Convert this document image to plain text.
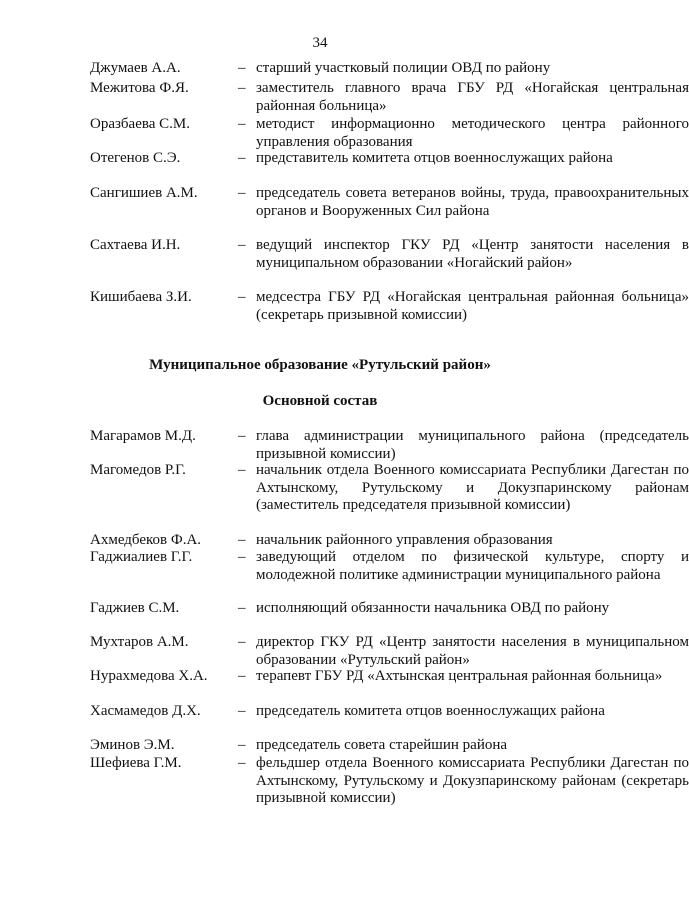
34
Джумаев А.А.	– старший участковый полиции ОВД по району
Межитова Ф.Я.	– заместитель главного врача ГБУ РД «Ногайская центральная районная больница»
Оразбаева С.М.	– методист информационно методического центра районного управления образования
Отегенов С.Э.	– представитель комитета отцов военнослужащих района
Сангишиев А.М.	– председатель совета ветеранов войны, труда, правоохранительных органов и Вооруженных Сил района
Сахтаева И.Н.	– ведущий инспектор ГКУ РД «Центр занятости населения в муниципальном образовании «Ногайский район»
Кишибаева З.И.	– медсестра ГБУ РД «Ногайская центральная районная больница» (секретарь призывной комиссии)
Муниципальное образование «Рутульский район»
Основной состав
Магарамов М.Д.	– глава администрации муниципального района (председатель призывной комиссии)
Магомедов Р.Г.	– начальник отдела Военного комиссариата Республики Дагестан по Ахтынскому, Рутульскому и Докузпаринскому районам (заместитель председателя призывной комиссии)
Ахмедбеков Ф.А. – начальник районного управления образования
Гаджиалиев Г.Г.	– заведующий отделом по физической культуре, спорту и молодежной политике администрации муниципального района
Гаджиев С.М.	– исполняющий обязанности начальника ОВД по району
Мухтаров А.М.	– директор ГКУ РД «Центр занятости населения в муниципальном образовании «Рутульский район»
Нурахмедова Х.А. – терапевт ГБУ РД «Ахтынская центральная районная больница»
Хасмамедов Д.Х. – председатель комитета отцов военнослужащих района
Эминов Э.М.	– председатель совета старейшин района
Шефиева Г.М.	– фельдшер отдела Военного комиссариата Республики Дагестан по Ахтынскому, Рутульскому и Докузпаринскому районам (секретарь призывной комиссии)
